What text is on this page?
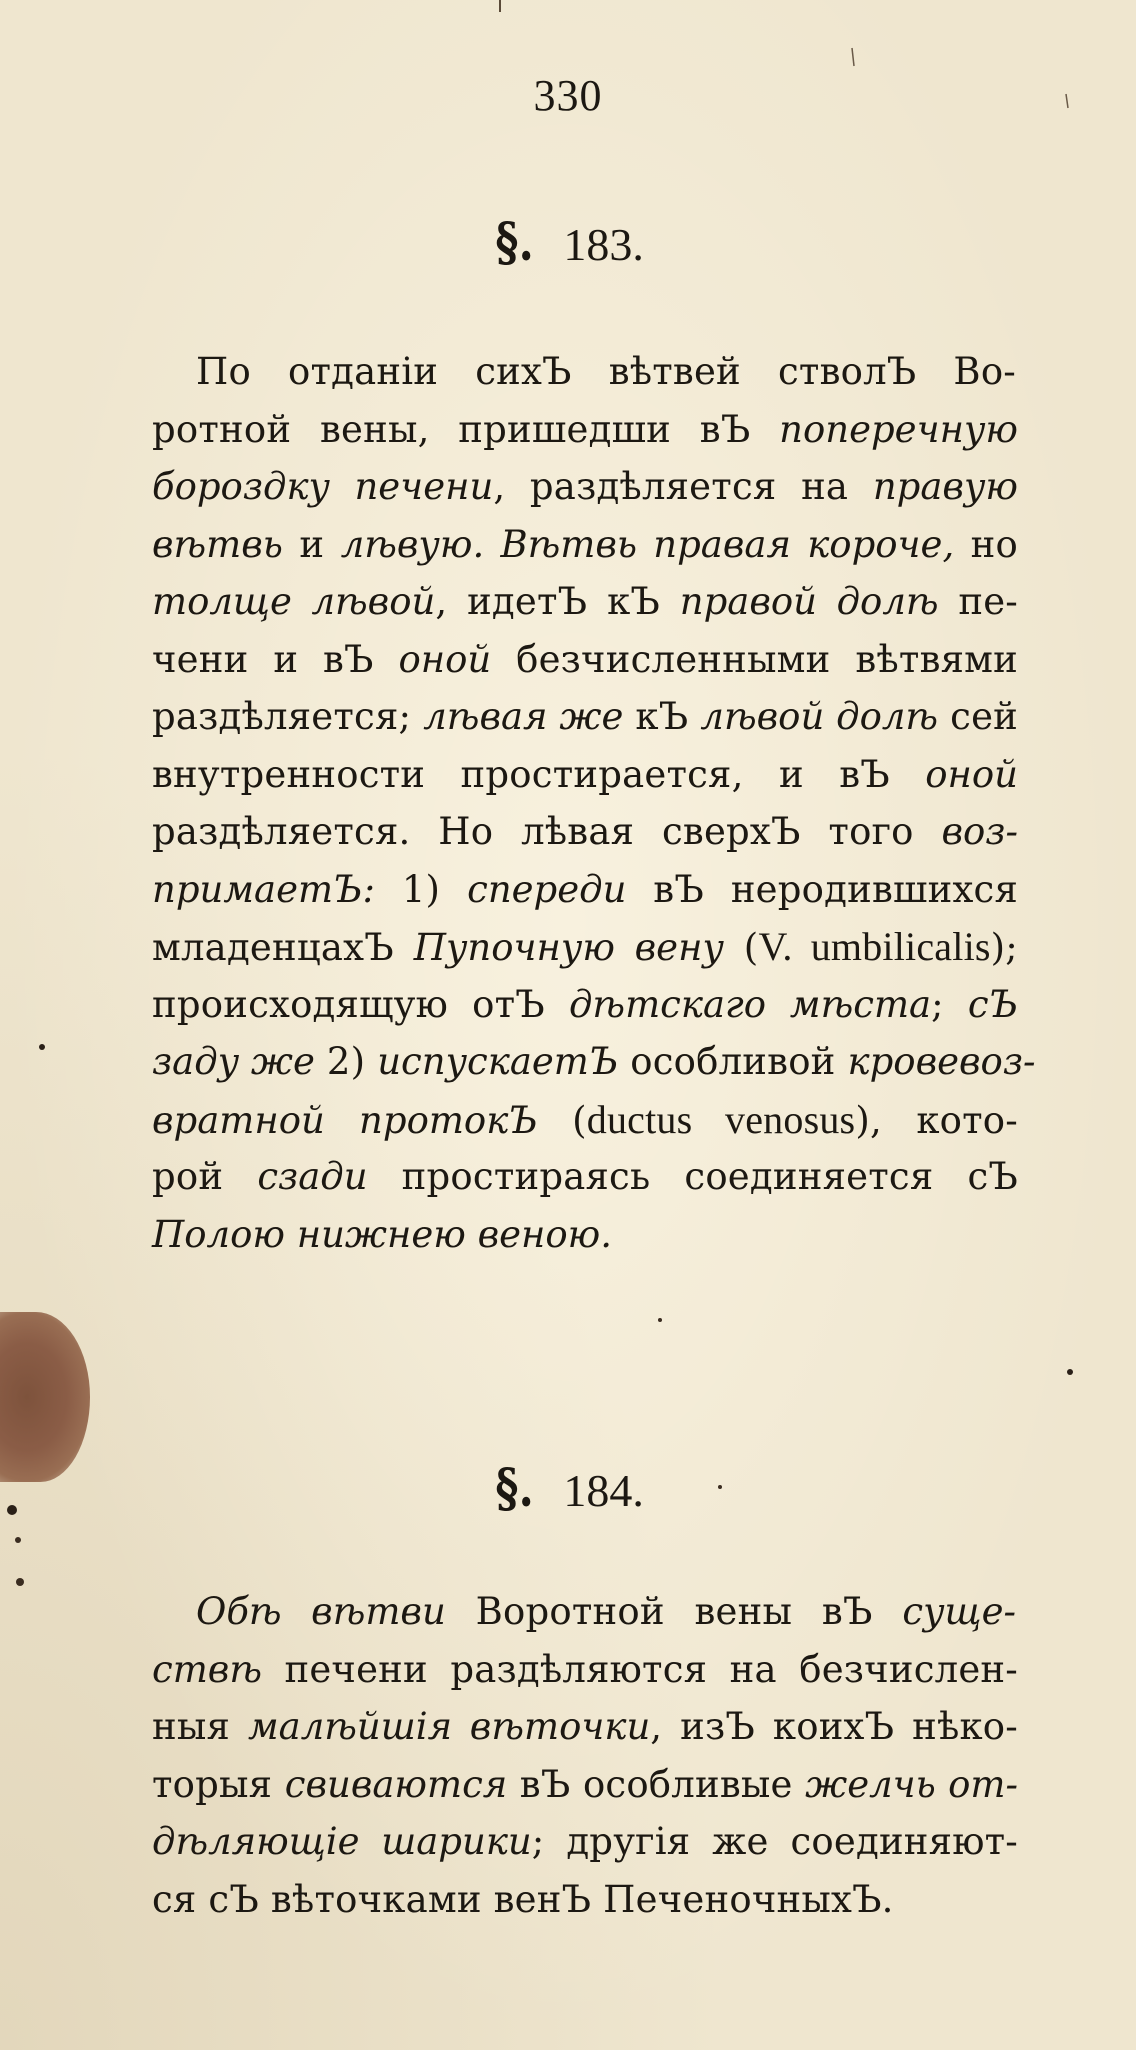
330
§. 183.
По отданіи сихЪ вѣтвей стволЪ Во-
ротной вены, пришедши вЪ поперечную
бороздку печени, раздѣляется на правую
вѣтвь и лѣвую. Вѣтвь правая короче, но
толще лѣвой, идетЪ кЪ правой долѣ пе-
чени и вЪ оной безчисленными вѣтвями
раздѣляется; лѣвая же кЪ лѣвой долѣ сей
внутренности простирается, и вЪ оной
раздѣляется. Но лѣвая сверхЪ того воз-
примаетЪ: 1) спереди вЪ неродившихся
младенцахЪ Пупочную вену (V. umbilicalis);
происходящую отЪ дѣтскаго мѣста; сЪ
заду же 2) испускаетЪ особливой кровевоз-
вратной протокЪ (ductus venosus), кото-
рой сзади простираясь соединяется сЪ
Полою нижнею веною.
§. 184.
Обѣ вѣтви Воротной вены вЪ суще-
ствѣ печени раздѣляются на безчислен-
ныя малѣйшія вѣточки, изЪ коихЪ нѣко-
торыя свиваются вЪ особливые желчь от-
дѣляющіе шарики; другія же соединяют-
ся сЪ вѣточками венЪ ПеченочныхЪ.
